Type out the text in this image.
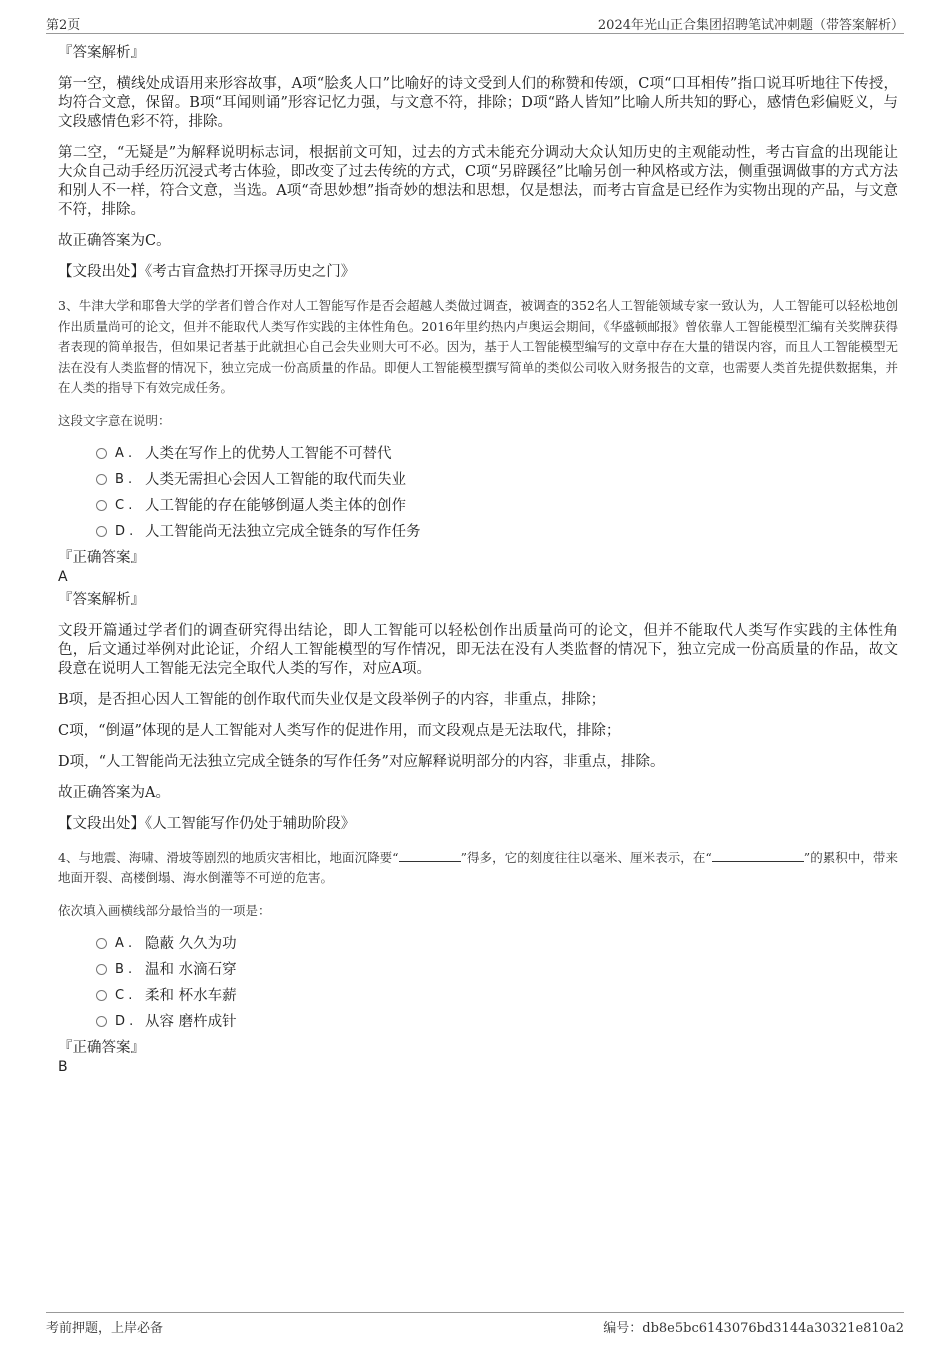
第2页	2024年光山正合集团招聘笔试冲刺题（带答案解析）
『答案解析』

第一空，横线处成语用来形容故事，A项“脍炙人口”比喻好的诗文受到人们的称赞和传颂，C项“口耳相传”指口说耳听地往下传授，均符合文意，保留。B项“耳闻则诵”形容记忆力强，与文意不符，排除；D项“路人皆知”比喻人所共知的野心，感情色彩偏贬义，与文段感情色彩不符，排除。

第二空，“无疑是”为解释说明标志词，根据前文可知，过去的方式未能充分调动大众认知历史的主观能动性，考古盲盒的出现能让大众自己动手经历沉浸式考古体验，即改变了过去传统的方式，C项“另辟蹊径”比喻另创一种风格或方法，侧重强调做事的方式方法和别人不一样，符合文意，当选。A项“奇思妙想”指奇妙的想法和思想，仅是想法，而考古盲盒是已经作为实物出现的产品，与文意不符，排除。

故正确答案为C。

【文段出处】《考古盲盒热打开探寻历史之门》

3、牛津大学和耶鲁大学的学者们曾合作对人工智能写作是否会超越人类做过调查，被调查的352名人工智能领域专家一致认为，人工智能可以轻松地创作出质量尚可的论文，但并不能取代人类写作实践的主体性角色。2016年里约热内卢奥运会期间，《华盛顿邮报》曾依靠人工智能模型汇编有关奖牌获得者表现的简单报告，但如果记者基于此就担心自己会失业则大可不必。因为，基于人工智能模型编写的文章中存在大量的错误内容，而且人工智能模型无法在没有人类监督的情况下，独立完成一份高质量的作品。即便人工智能模型撰写简单的类似公司收入财务报告的文章，也需要人类首先提供数据集，并在人类的指导下有效完成任务。

这段文字意在说明：

A . 人类在写作上的优势人工智能不可替代
B . 人类无需担心会因人工智能的取代而失业
C . 人工智能的存在能够倒逼人类主体的创作
D . 人工智能尚无法独立完成全链条的写作任务
『正确答案』
A
『答案解析』

文段开篇通过学者们的调查研究得出结论，即人工智能可以轻松创作出质量尚可的论文，但并不能取代人类写作实践的主体性角色，后文通过举例对此论证，介绍人工智能模型的写作情况，即无法在没有人类监督的情况下，独立完成一份高质量的作品，故文段意在说明人工智能无法完全取代人类的写作，对应A项。

B项，是否担心因人工智能的创作取代而失业仅是文段举例子的内容，非重点，排除；

C项，“倒逼”体现的是人工智能对人类写作的促进作用，而文段观点是无法取代，排除；

D项，“人工智能尚无法独立完成全链条的写作任务”对应解释说明部分的内容，非重点，排除。

故正确答案为A。

【文段出处】《人工智能写作仍处于辅助阶段》

4、与地震、海啸、滑坡等剧烈的地质灾害相比，地面沉降要“	”得多，它的刻度往往以毫米、厘米表示，在“	”的累积中，带来地面开裂、高楼倒塌、海水倒灌等不可逆的危害。

依次填入画横线部分最恰当的一项是：

A . 隐蔽 久久为功
B . 温和 水滴石穿
C . 柔和 杯水车薪
D . 从容 磨杵成针
『正确答案』
B
考前押题，上岸必备	编号：db8e5bc6143076bd3144a30321e810a2
